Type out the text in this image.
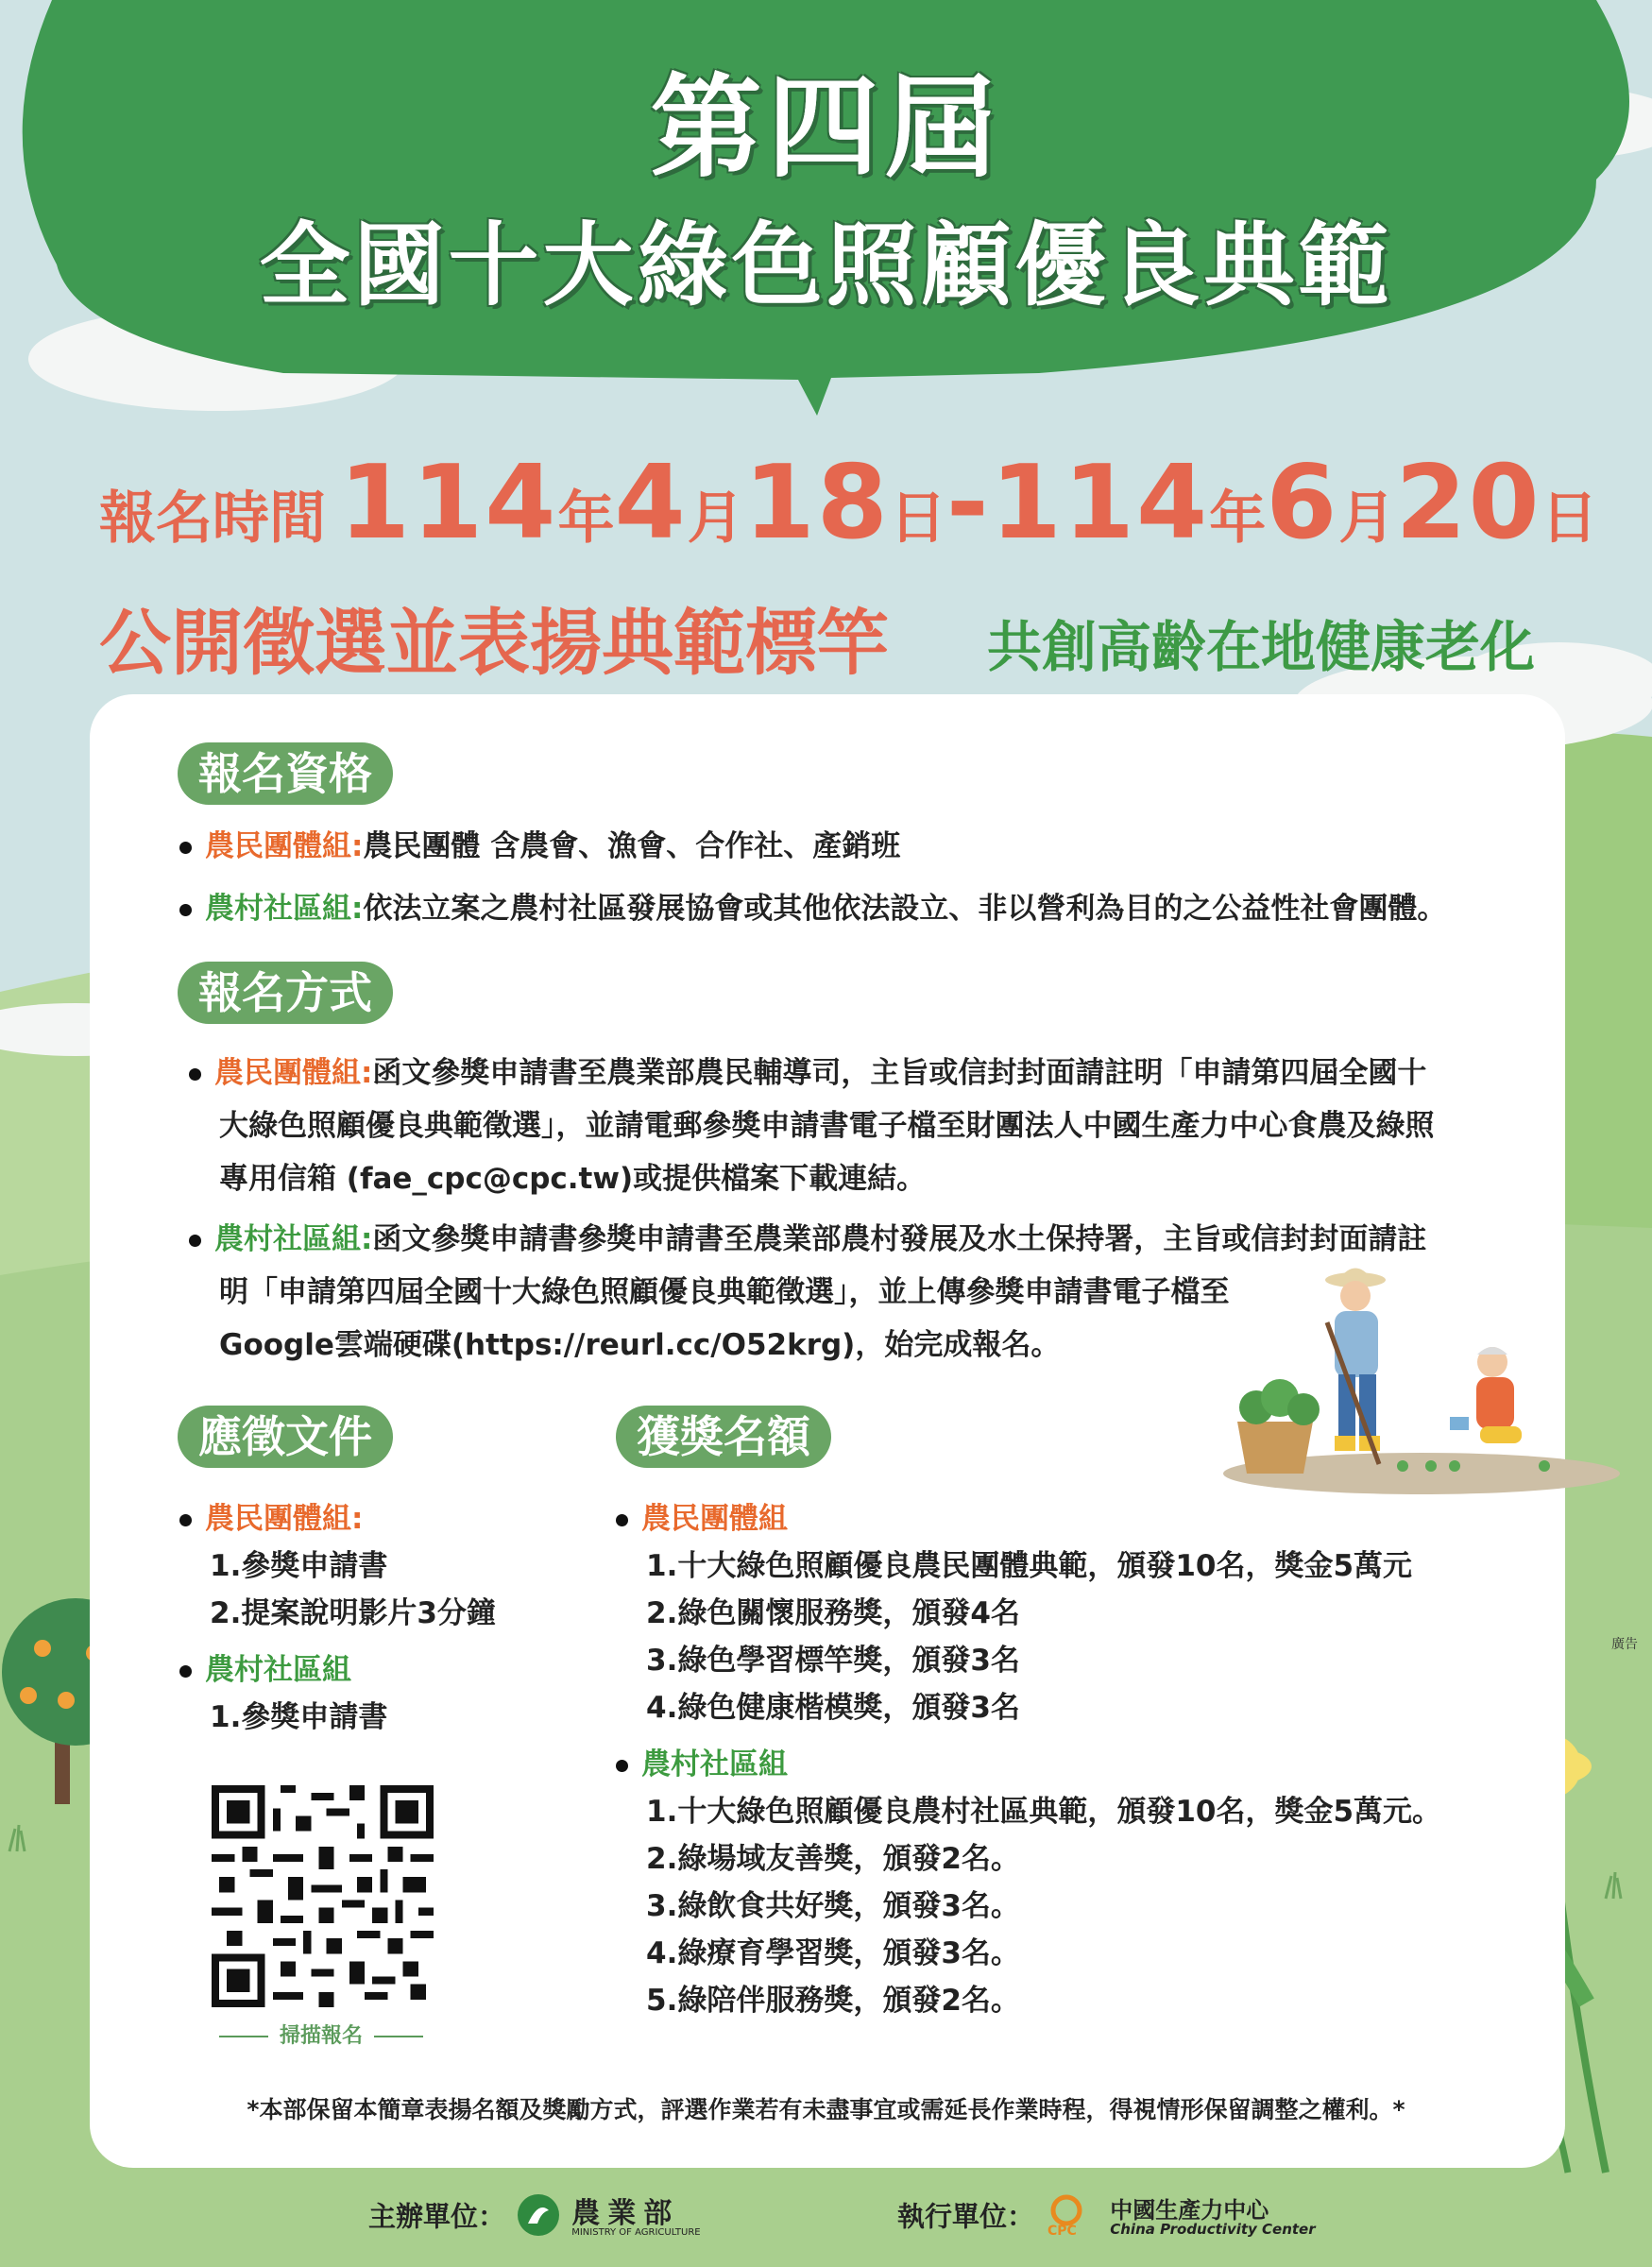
第四屆
全國十大綠色照顧優良典範
報名時間 114 年 4 月 18 日 - 114 年 6 月 20 日
公開徵選並表揚典範標竿 共創高齡在地健康老化
報名資格
農民團體組:農民團體 含農會、漁會、合作社、產銷班
農村社區組:依法立案之農村社區發展協會或其他依法設立、非以營利為目的之公益性社會團體。
報名方式
農民團體組:函文參獎申請書至農業部農民輔導司，主旨或信封封面請註明「申請第四屆全國十
大綠色照顧優良典範徵選」，並請電郵參獎申請書電子檔至財團法人中國生產力中心食農及綠照
專用信箱 (fae_cpc@cpc.tw)或提供檔案下載連結。
農村社區組:函文參獎申請書參獎申請書至農業部農村發展及水土保持署，主旨或信封封面請註
明「申請第四屆全國十大綠色照顧優良典範徵選」，並上傳參獎申請書電子檔至
Google雲端硬碟(https://reurl.cc/O52krg)，始完成報名。
應徵文件
農民團體組:
1.參獎申請書
2.提案說明影片3分鐘
農村社區組
1.參獎申請書
掃描報名
獲獎名額
農民團體組
1.十大綠色照顧優良農民團體典範，頒發10名，獎金5萬元
2.綠色關懷服務獎，頒發4名
3.綠色學習標竿獎，頒發3名
4.綠色健康楷模獎，頒發3名
農村社區組
1.十大綠色照顧優良農村社區典範，頒發10名，獎金5萬元。
2.綠場域友善獎，頒發2名。
3.綠飲食共好獎，頒發3名。
4.綠療育學習獎，頒發3名。
5.綠陪伴服務獎，頒發2名。
*本部保留本簡章表揚名額及獎勵方式，評選作業若有未盡事宜或需延長作業時程，得視情形保留調整之權利。*
主辦單位： 農業部
MINISTRY OF AGRICULTURE	執行單位： CPC

中國生產力中心
China Productivity Center
廣告
